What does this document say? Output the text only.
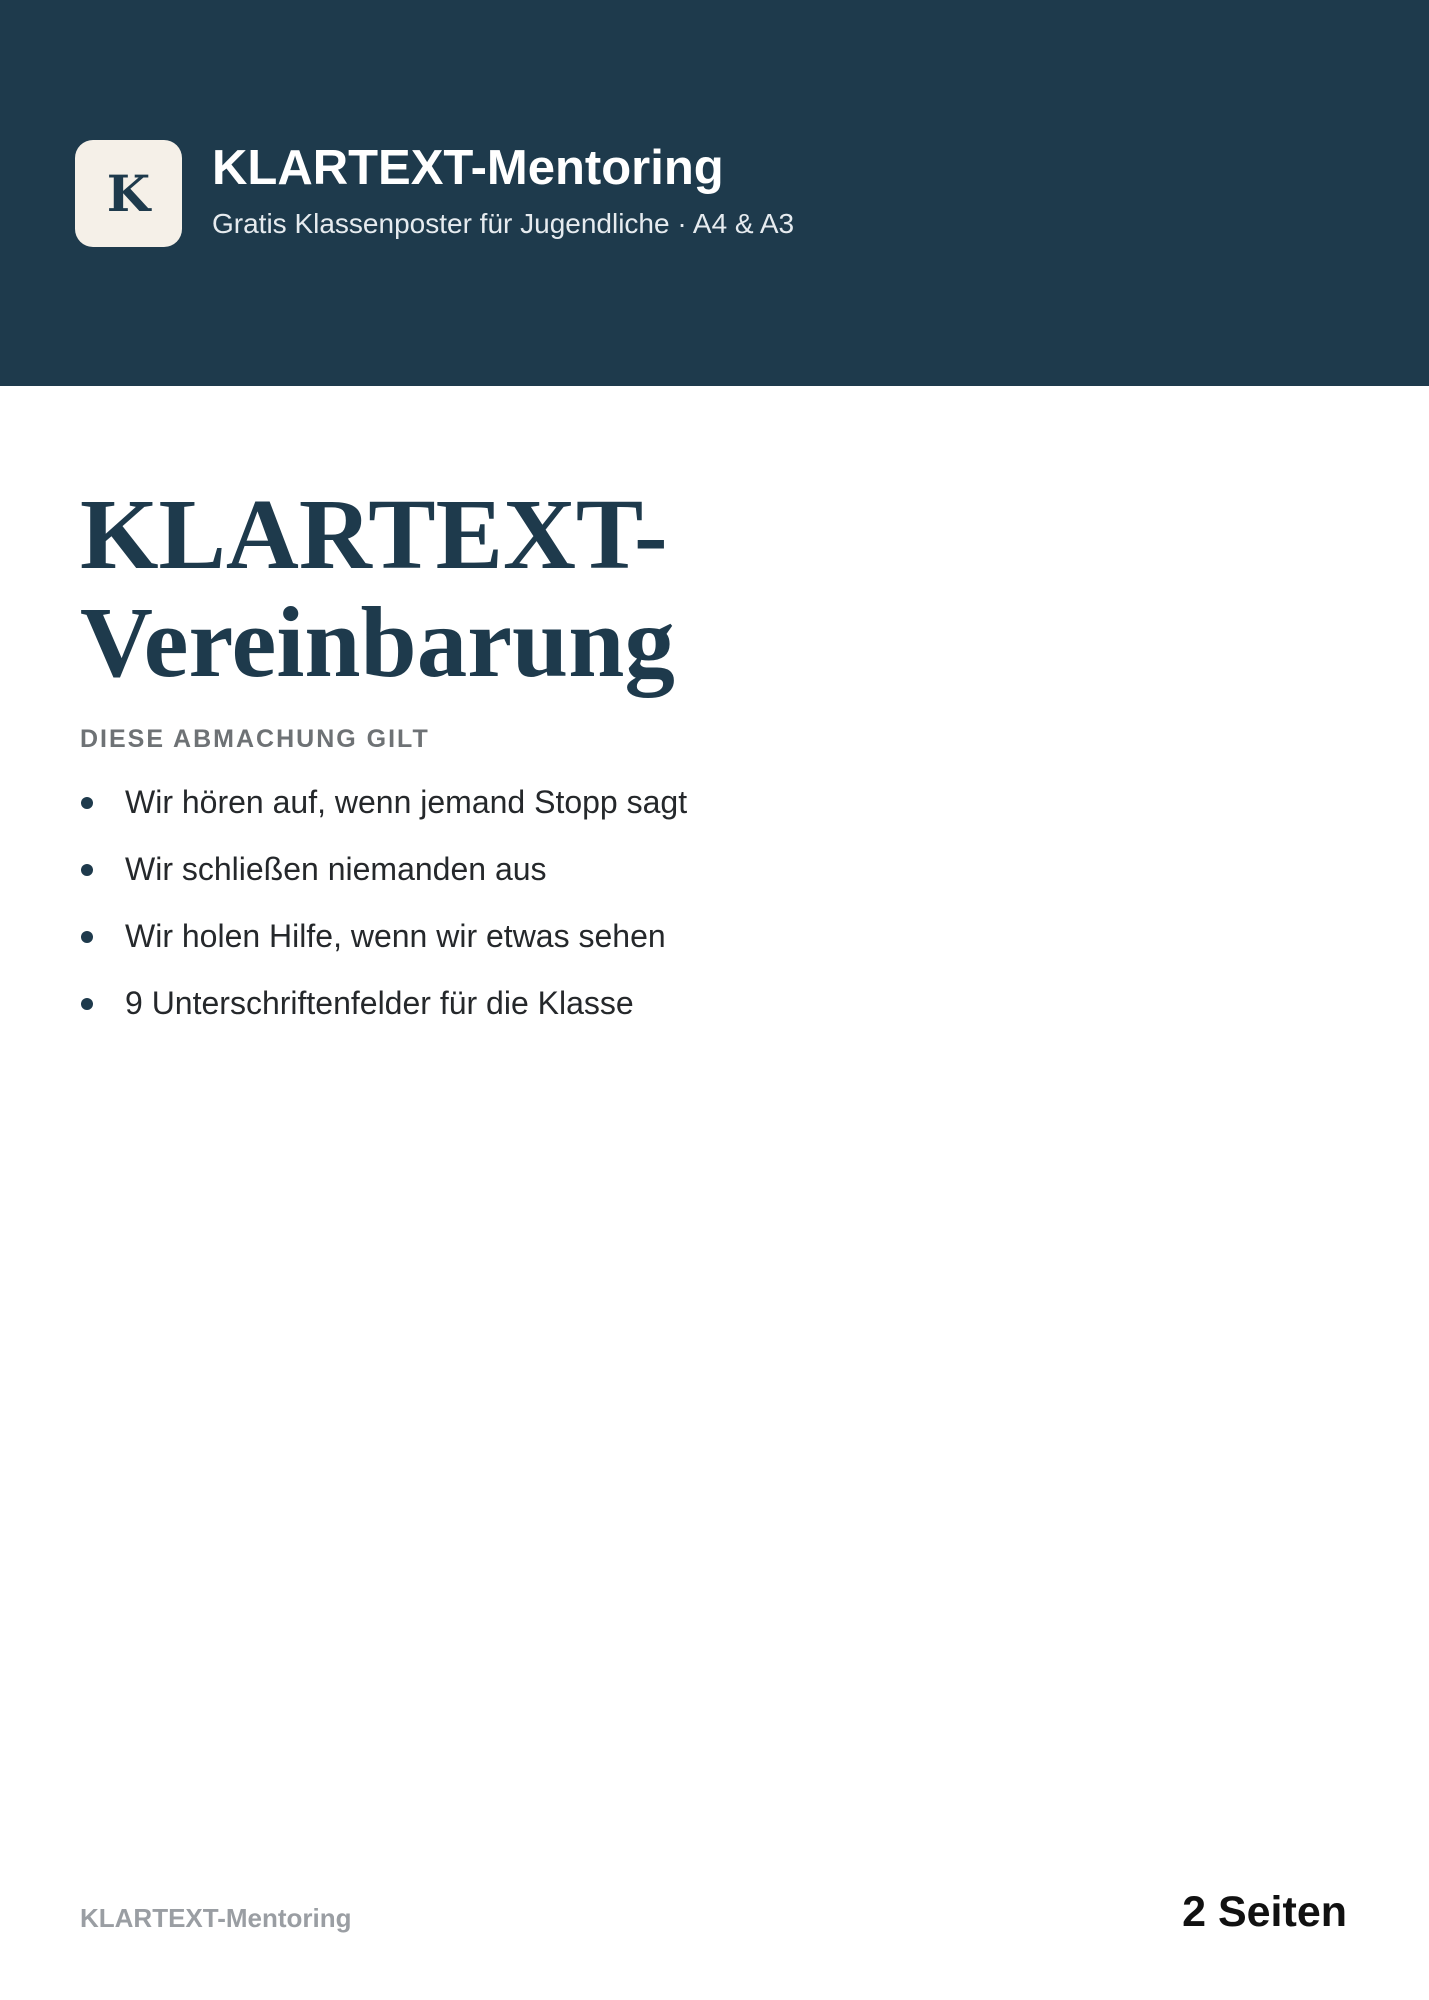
K KLARTEXT-Mentoring
Gratis Klassenposter für Jugendliche · A4 & A3
KLARTEXT-
Vereinbarung
DIESE ABMACHUNG GILT
Wir hören auf, wenn jemand Stopp sagt
Wir schließen niemanden aus
Wir holen Hilfe, wenn wir etwas sehen
9 Unterschriftenfelder für die Klasse
KLARTEXT-Mentoring	2 Seiten
